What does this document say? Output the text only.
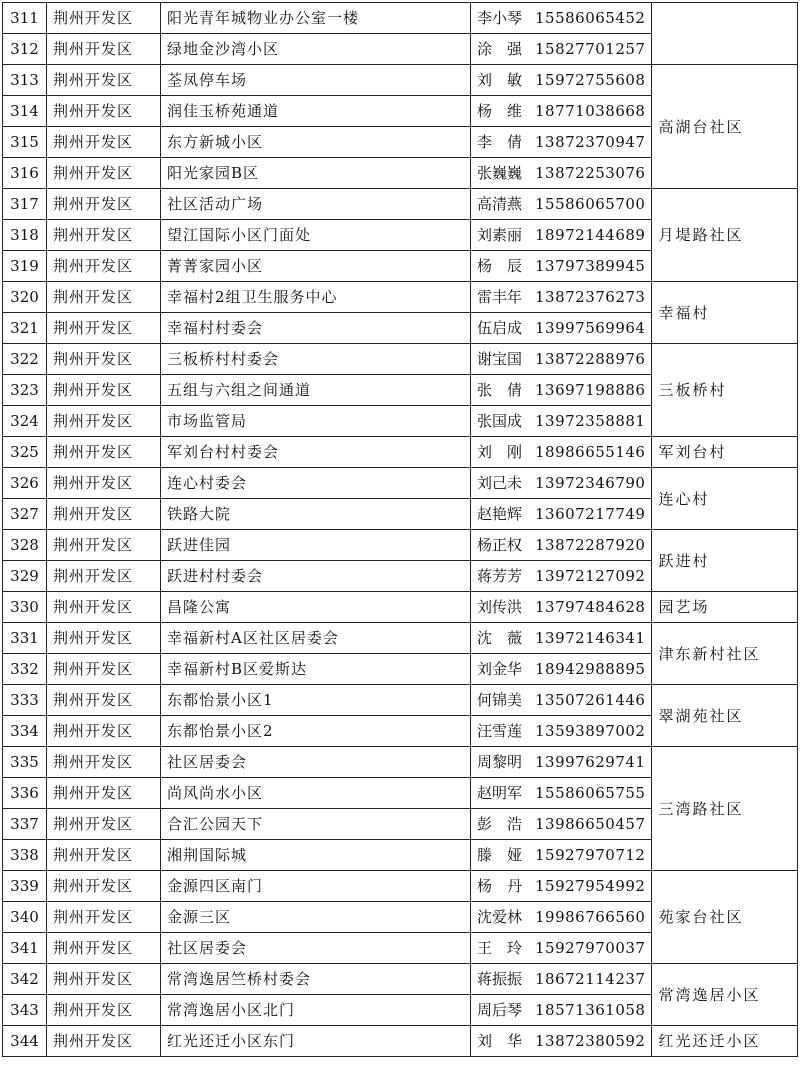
311	荆州开发区	阳光青年城物业办公室一楼	李小琴 15586065452	
312	荆州开发区	绿地金沙湾小区	涂　强 15827701257	
313	荆州开发区	荃凤停车场	刘　敏 15972755608	高湖台社区
314	荆州开发区	润佳玉桥苑通道	杨　维 18771038668	
315	荆州开发区	东方新城小区	李　倩 13872370947	
316	荆州开发区	阳光家园B区	张巍巍 13872253076	
317	荆州开发区	社区活动广场	高清燕 15586065700	月堤路社区
318	荆州开发区	望江国际小区门面处	刘素丽 18972144689	
319	荆州开发区	菁菁家园小区	杨　辰 13797389945	
320	荆州开发区	幸福村2组卫生服务中心	雷丰年 13872376273	幸福村
321	荆州开发区	幸福村村委会	伍启成 13997569964	
322	荆州开发区	三板桥村村委会	谢宝国 13872288976	三板桥村
323	荆州开发区	五组与六组之间通道	张　倩 13697198886	
324	荆州开发区	市场监管局	张国成 13972358881	
325	荆州开发区	军刘台村村委会	刘　刚 18986655146	军刘台村
326	荆州开发区	连心村委会	刘己未 13972346790	连心村
327	荆州开发区	铁路大院	赵艳辉 13607217749	
328	荆州开发区	跃进佳园	杨正权 13872287920	跃进村
329	荆州开发区	跃进村村委会	蒋芳芳 13972127092	
330	荆州开发区	昌隆公寓	刘传洪 13797484628	园艺场
331	荆州开发区	幸福新村A区社区居委会	沈　薇 13972146341	津东新村社区
332	荆州开发区	幸福新村B区爱斯达	刘金华 18942988895	
333	荆州开发区	东都怡景小区1	何锦美 13507261446	翠湖苑社区
334	荆州开发区	东都怡景小区2	汪雪莲 13593897002	
335	荆州开发区	社区居委会	周黎明 13997629741	三湾路社区
336	荆州开发区	尚风尚水小区	赵明军 15586065755	
337	荆州开发区	合汇公园天下	彭　浩 13986650457	
338	荆州开发区	湘荆国际城	滕　娅 15927970712	
339	荆州开发区	金源四区南门	杨　丹 15927954992	苑家台社区
340	荆州开发区	金源三区	沈爱林 19986766560	
341	荆州开发区	社区居委会	王　玲 15927970037	
342	荆州开发区	常湾逸居竺桥村委会	蒋振振 18672114237	常湾逸居小区
343	荆州开发区	常湾逸居小区北门	周后琴 18571361058	
344	荆州开发区	红光还迁小区东门	刘　华 13872380592	红光还迁小区
